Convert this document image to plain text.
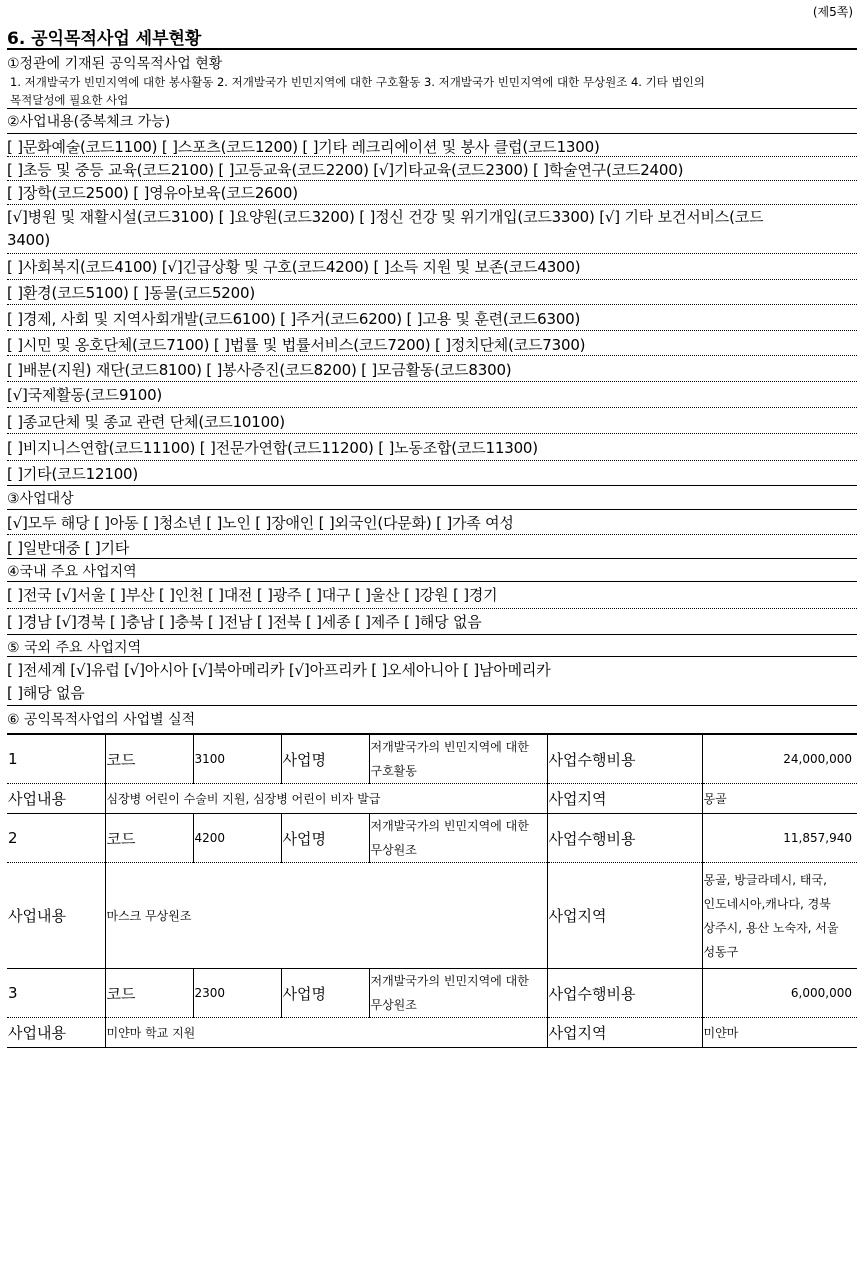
(제5쪽)
6. 공익목적사업 세부현황
①정관에 기재된 공익목적사업 현황
1. 저개발국가 빈민지역에 대한 봉사활동 2. 저개발국가 빈민지역에 대한 구호활동 3. 저개발국가 빈민지역에 대한 무상원조 4. 기타 법인의
목적달성에 필요한 사업
②사업내용(중복체크 가능)
[ ]문화예술(코드1100) [ ]스포츠(코드1200) [ ]기타 레크리에이션 및 봉사 클럽(코드1300)
[ ]초등 및 중등 교육(코드2100) [ ]고등교육(코드2200) [√]기타교육(코드2300) [ ]학술연구(코드2400)
[ ]장학(코드2500) [ ]영유아보육(코드2600)
[√]병원 및 재활시설(코드3100) [ ]요양원(코드3200) [ ]정신 건강 및 위기개입(코드3300) [√] 기타 보건서비스(코드
3400)
[ ]사회복지(코드4100) [√]긴급상황 및 구호(코드4200) [ ]소득 지원 및 보존(코드4300)
[ ]환경(코드5100) [ ]동물(코드5200)
[ ]경제, 사회 및 지역사회개발(코드6100) [ ]주거(코드6200) [ ]고용 및 훈련(코드6300)
[ ]시민 및 옹호단체(코드7100) [ ]법률 및 법률서비스(코드7200) [ ]정치단체(코드7300)
[ ]배분(지원) 재단(코드8100) [ ]봉사증진(코드8200) [ ]모금활동(코드8300)
[√]국제활동(코드9100)
[ ]종교단체 및 종교 관련 단체(코드10100)
[ ]비지니스연합(코드11100) [ ]전문가연합(코드11200) [ ]노동조합(코드11300)
[ ]기타(코드12100)
③사업대상
[√]모두 해당 [ ]아동 [ ]청소년 [ ]노인 [ ]장애인 [ ]외국인(다문화) [ ]가족 여성
[ ]일반대중 [ ]기타
④국내 주요 사업지역
[ ]전국 [√]서울 [ ]부산 [ ]인천 [ ]대전 [ ]광주 [ ]대구 [ ]울산 [ ]강원 [ ]경기
[ ]경남 [√]경북 [ ]충남 [ ]충북 [ ]전남 [ ]전북 [ ]세종 [ ]제주 [ ]해당 없음
⑤ 국외 주요 사업지역
[ ]전세계 [√]유럽 [√]아시아 [√]북아메리카 [√]아프리카 [ ]오세아니아 [ ]남아메리카
[ ]해당 없음
⑥ 공익목적사업의 사업별 실적
1	코드	3100	사업명	저개발국가의 빈민지역에 대한
구호활동	사업수행비용	24,000,000
사업내용	심장병 어린이 수술비 지원, 심장병 어린이 비자 발급				사업지역	몽골
2	코드	4200	사업명	저개발국가의 빈민지역에 대한
무상원조	사업수행비용	11,857,940
사업내용	마스크 무상원조				사업지역	몽골, 방글라데시, 태국,
인도네시아,캐나다, 경북
상주시, 용산 노숙자, 서울
성동구

3	코드	2300	사업명	저개발국가의 빈민지역에 대한
무상원조	사업수행비용	6,000,000
사업내용	미얀마 학교 지원				사업지역	미얀마
